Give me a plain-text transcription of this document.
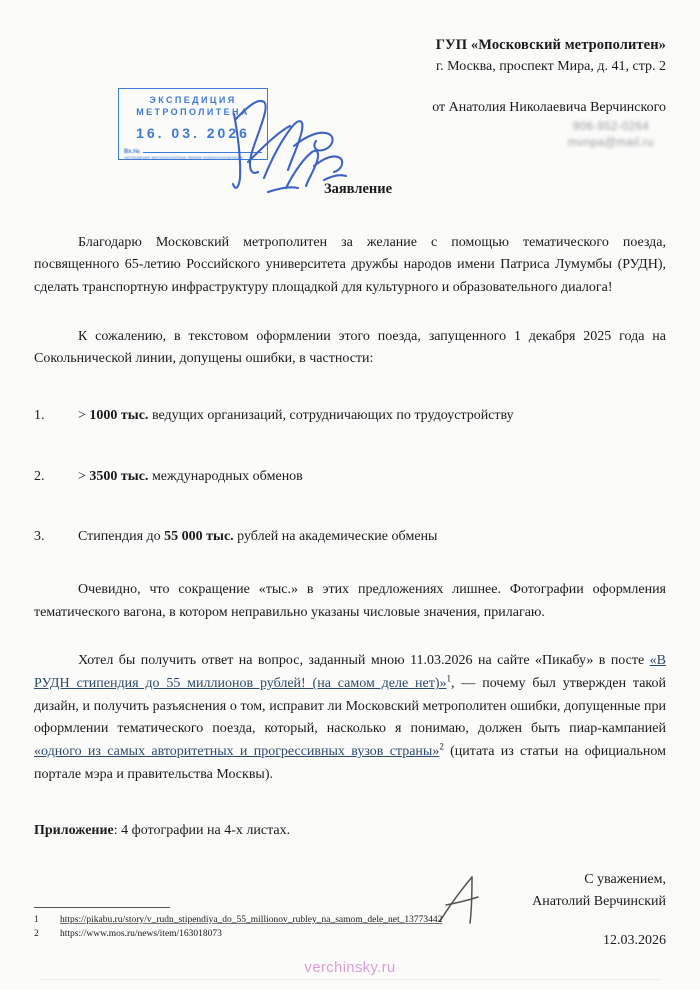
ГУП «Московский метрополитен»
г. Москва, проспект Мира, д. 41, стр. 2
от Анатолия Николаевича Верчинского
906-952-0264
mvnpa@mail.ru
ЭКСПЕДИЦИЯ
МЕТРОПОЛИТЕНА
16. 03. 2026
Вх.№
экспедиция метрополитена приём корреспонденции
Заявление

Благодарю Московский метрополитен за желание с помощью тематического поезда, посвященного 65-летию Российского университета дружбы народов имени Патриса Лумумбы (РУДН), сделать транспортную инфраструктуру площадкой для культурного и образовательного диалога!

К сожалению, в текстовом оформлении этого поезда, запущенного 1 декабря 2025 года на Сокольнической линии, допущены ошибки, в частности:

1.	> 1000 тыс. ведущих организаций, сотрудничающих по трудоустройству
2.	> 3500 тыс. международных обменов
3.	Стипендия до 55 000 тыс. рублей на академические обмены

Очевидно, что сокращение «тыс.» в этих предложениях лишнее. Фотографии оформления тематического вагона, в котором неправильно указаны числовые значения, прилагаю.

Хотел бы получить ответ на вопрос, заданный мною 11.03.2026 на сайте «Пикабу» в посте «В РУДН стипендия до 55 миллионов рублей! (на самом деле нет)»$^1$, — почему был утвержден такой дизайн, и получить разъяснения о том, исправит ли Московский метрополитен ошибки, допущенные при оформлении тематического поезда, который, насколько я понимаю, должен быть пиар-кампанией «одного из самых авторитетных и прогрессивных вузов страны»$^2$ (цитата из статьи на официальном портале мэра и правительства Москвы).

Приложение: 4 фотографии на 4-х листах.
С уважением,
Анатолий Верчинский
12.03.2026
1	https://pikabu.ru/story/v_rudn_stipendiya_do_55_millionov_rubley_na_samom_dele_net_13773442
2	https://www.mos.ru/news/item/163018073
verchinsky.ru
